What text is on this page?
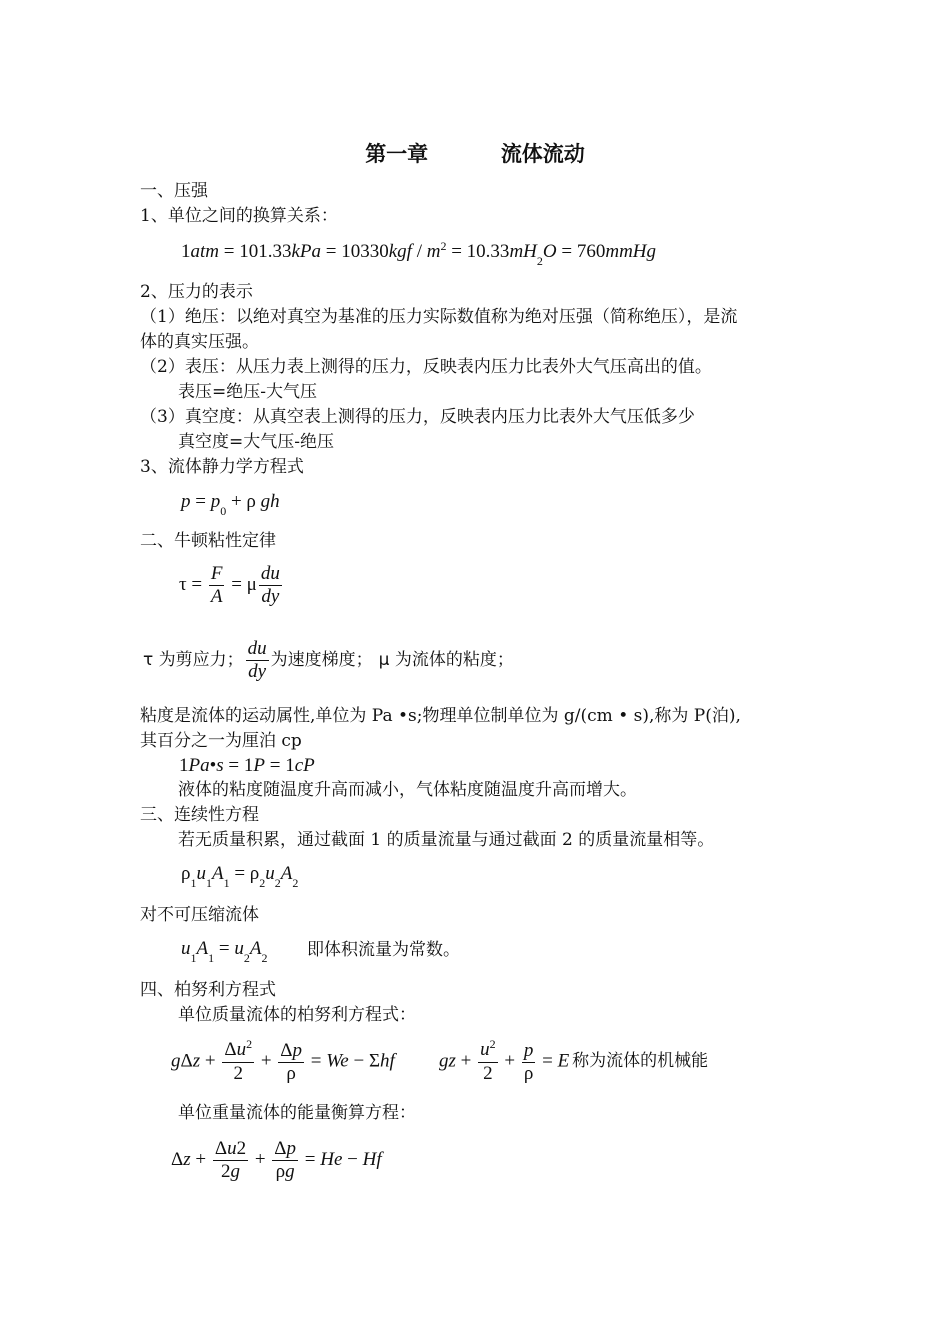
第一章	流体流动
一、压强
1、单位之间的换算关系：
$1atm = 101.33kPa = 10330kgf / m^2 = 10.33mH_2O$ = 760mmHg
2、压力的表示
（1）绝压：以绝对真空为基准的压力实际数值称为绝对压强（简称绝压），是流
体的真实压强。
（2）表压：从压力表上测得的压力，反映表内压力比表外大气压高出的值。
表压=绝压-大气压
（3）真空度：从真空表上测得的压力，反映表内压力比表外大气压低多少
真空度=大气压-绝压
3、流体静力学方程式
$p = p_0 + \rho$ gh
二、牛顿粘性定律
$\tau = \frac{F}{A} = \mu \frac{du}{dy}$
τ 为剪应力； $\frac{du}{dy}$ 为速度梯度； μ 为流体的粘度；
粘度是流体的运动属性,单位为 Pa •s;物理单位制单位为 g/(cm • s),称为 P(泊),
其百分之一为厘泊 cp
1Pa•s = 1P = 1cP
液体的粘度随温度升高而减小，气体粘度随温度升高而增大。
三、连续性方程
若无质量积累，通过截面 1 的质量流量与通过截面 2 的质量流量相等。
$\rho_1u_1A_1 = \rho_2u_2A_2$
对不可压缩流体
$u_1A_1 = u_2A_2$ 即体积流量为常数。
四、柏努利方程式
单位质量流体的柏努利方程式：
$g\Delta z + \frac{\Delta u^2}{2} + \frac{\Delta p}{\rho} = We - \Sigma hf$ gz + $\frac{u^2}{2} + \frac{p}{\rho} = E$ 称为流体的机械能
单位重量流体的能量衡算方程：
$\Delta z + \frac{\Delta u2}{2g} + \frac{\Delta p}{\rho g} = He - Hf$
